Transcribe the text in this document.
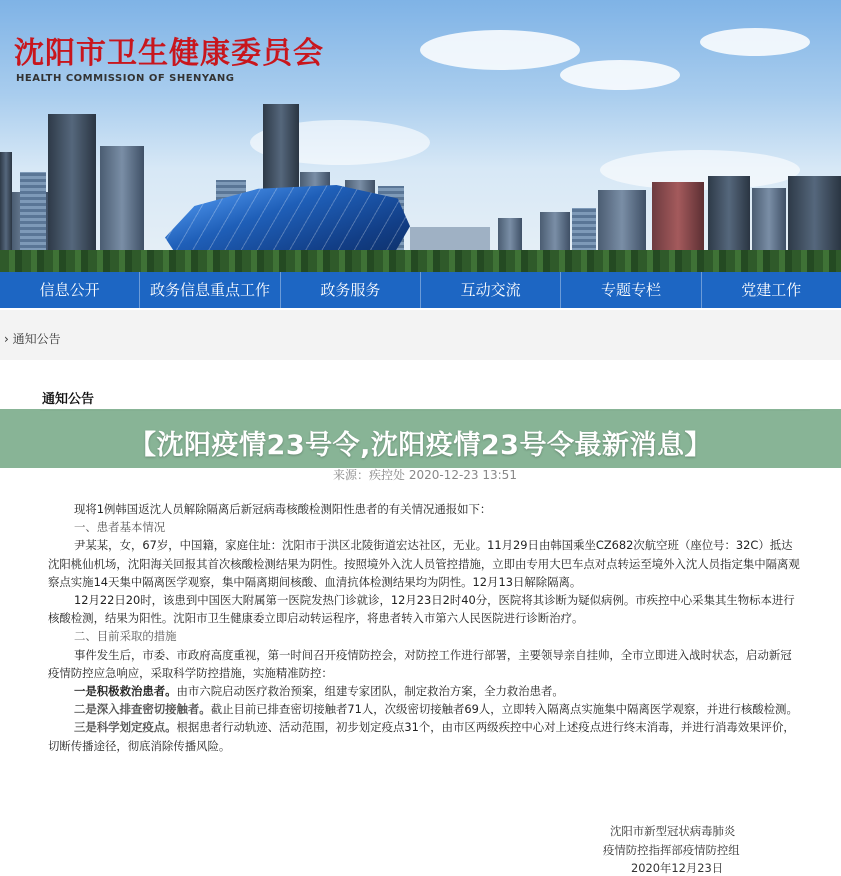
沈阳市卫生健康委员会
HEALTH COMMISSION OF SHENYANG
信息公开	政务信息重点工作	政务服务	互动交流	专题专栏	党建工作
› 通知公告
通知公告
【沈阳疫情23号令,沈阳疫情23号令最新消息】
来源：疾控处 2020-12-23 13:51

现将1例韩国返沈人员解除隔离后新冠病毒核酸检测阳性患者的有关情况通报如下：

一、患者基本情况

尹某某，女，67岁，中国籍，家庭住址：沈阳市于洪区北陵街道宏达社区，无业。11月29日由韩国乘坐CZ682次航空班（座位号：32C）抵达沈阳桃仙机场，沈阳海关回报其首次核酸检测结果为阴性。按照境外入沈人员管控措施，立即由专用大巴车点对点转运至境外入沈人员指定集中隔离观察点实施14天集中隔离医学观察，集中隔离期间核酸、血清抗体检测结果均为阴性。12月13日解除隔离。

12月22日20时，该患到中国医大附属第一医院发热门诊就诊，12月23日2时40分，医院将其诊断为疑似病例。市疾控中心采集其生物标本进行核酸检测，结果为阳性。沈阳市卫生健康委立即启动转运程序，将患者转入市第六人民医院进行诊断治疗。

二、目前采取的措施

事件发生后，市委、市政府高度重视，第一时间召开疫情防控会，对防控工作进行部署，主要领导亲自挂帅，全市立即进入战时状态，启动新冠疫情防控应急响应，采取科学防控措施，实施精准防控：

一是积极救治患者。由市六院启动医疗救治预案，组建专家团队，制定救治方案，全力救治患者。

二是深入排查密切接触者。截止目前已排查密切接触者71人，次级密切接触者69人，立即转入隔离点实施集中隔离医学观察，并进行核酸检测。

三是科学划定疫点。根据患者行动轨迹、活动范围，初步划定疫点31个，由市区两级疾控中心对上述疫点进行终末消毒，并进行消毒效果评价，切断传播途径，彻底消除传播风险。

沈阳市新型冠状病毒肺炎
疫情防控指挥部疫情防控组
2020年12月23日
